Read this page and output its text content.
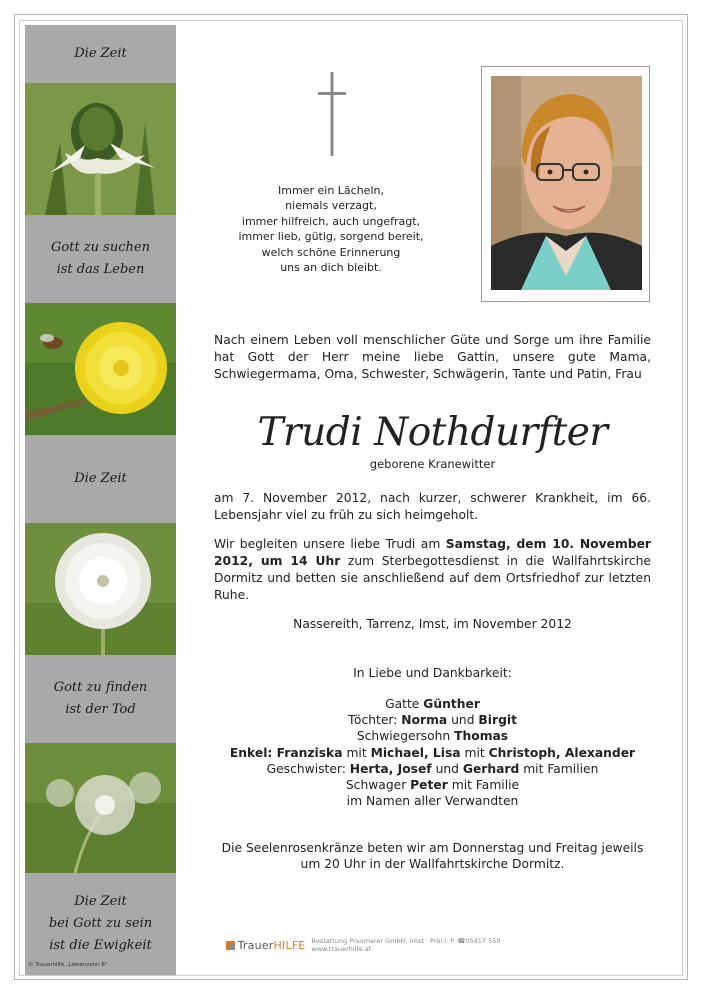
Die Zeit
Gott zu suchen
ist das Leben
Die Zeit
Gott zu finden
ist der Tod
Die Zeit
bei Gott zu sein
ist die Ewigkeit
© Trauerhilfe „Löwenzahn 8“
Immer ein Lächeln,
niemals verzagt,
immer hilfreich, auch ungefragt,
immer lieb, gütig, sorgend bereit,
welch schöne Erinnerung
uns an dich bleibt.
Nach einem Leben voll menschlicher Güte und Sorge um ihre Familie hat Gott der Herr meine liebe Gattin, unsere gute Mama, Schwiegermama, Oma, Schwester, Schwägerin, Tante und Patin, Frau
Trudi Nothdurfter
geborene Kranewitter
am 7. November 2012, nach kurzer, schwerer Krankheit, im 66. Lebensjahr viel zu früh zu sich heimgeholt.
Wir begleiten unsere liebe Trudi am Samstag, dem 10. November 2012, um 14 Uhr zum Sterbegottesdienst in die Wallfahrtskirche Dormitz und betten sie anschließend auf dem Ortsfriedhof zur letzten Ruhe.
Nassereith, Tarrenz, Imst, im November 2012
In Liebe und Dankbarkeit:
Gatte Günther
Töchter: Norma und Birgit
Schwiegersohn Thomas
Enkel: Franziska mit Michael, Lisa mit Christoph, Alexander
Geschwister: Herta, Josef und Gerhard mit Familien
Schwager Peter mit Familie
im Namen aller Verwandten
Die Seelenrosenkränze beten wir am Donnerstag und Freitag jeweils
um 20 Uhr in der Wallfahrtskirche Dormitz.
TrauerHILFE Bestattung Praxmarer GmbH, Imst · Pröl i. P. ☎05417 550 · www.trauerhilfe.at
